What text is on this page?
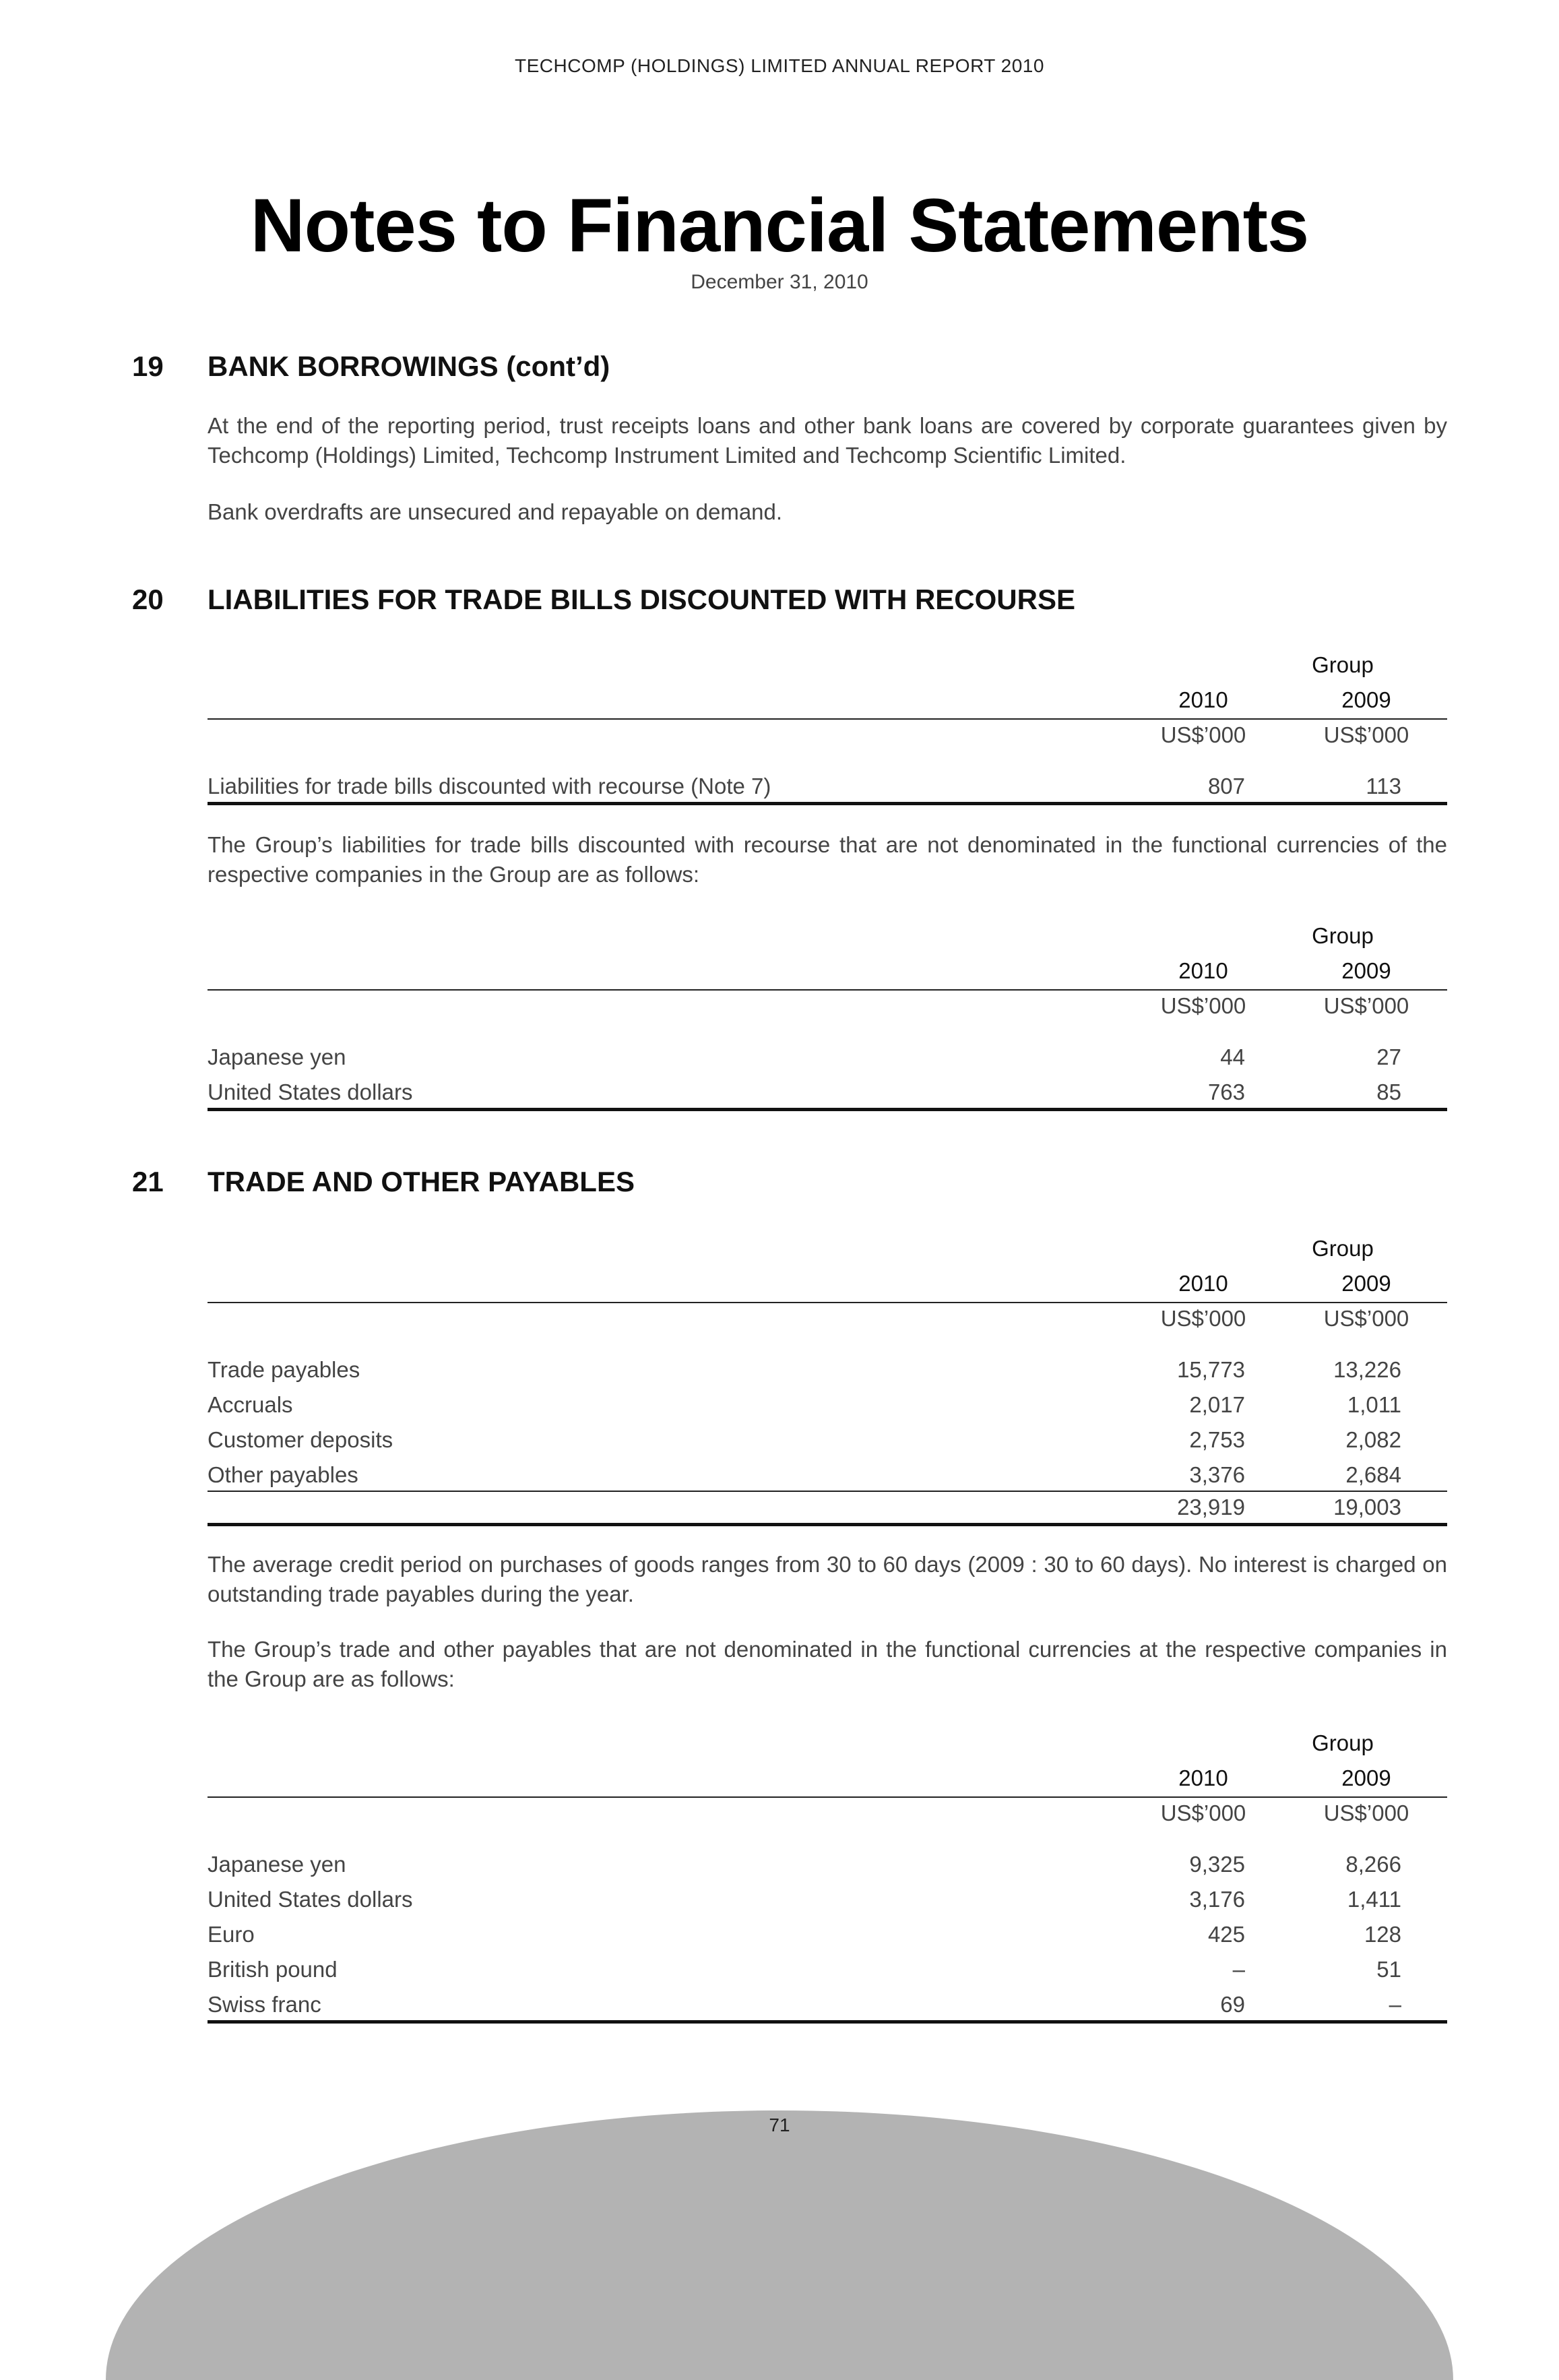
TECHCOMP (HOLDINGS) LIMITED ANNUAL REPORT 2010
Notes to Financial Statements
December 31, 2010
19 BANK BORROWINGS (cont’d)
At the end of the reporting period, trust receipts loans and other bank loans are covered by corporate guarantees given by Techcomp (Holdings) Limited, Techcomp Instrument Limited and Techcomp Scientific Limited.
Bank overdrafts are unsecured and repayable on demand.
20 LIABILITIES FOR TRADE BILLS DISCOUNTED WITH RECOURSE
Group
2010	2009
US$’000	US$’000
Liabilities for trade bills discounted with recourse (Note 7)	807	113
The Group’s liabilities for trade bills discounted with recourse that are not denominated in the functional currencies of the respective companies in the Group are as follows:
Group
2010	2009
US$’000	US$’000
Japanese yen	44	27
United States dollars	763	85
21 TRADE AND OTHER PAYABLES
Group
2010	2009
US$’000	US$’000
Trade payables	15,773	13,226
Accruals	2,017	1,011
Customer deposits	2,753	2,082
Other payables	3,376	2,684
23,919	19,003
The average credit period on purchases of goods ranges from 30 to 60 days (2009 : 30 to 60 days). No interest is charged on outstanding trade payables during the year.
The Group’s trade and other payables that are not denominated in the functional currencies at the respective companies in the Group are as follows:
Group
2010	2009
US$’000	US$’000
Japanese yen	9,325	8,266
United States dollars	3,176	1,411
Euro	425	128
British pound	–	51
Swiss franc	69	–
71
